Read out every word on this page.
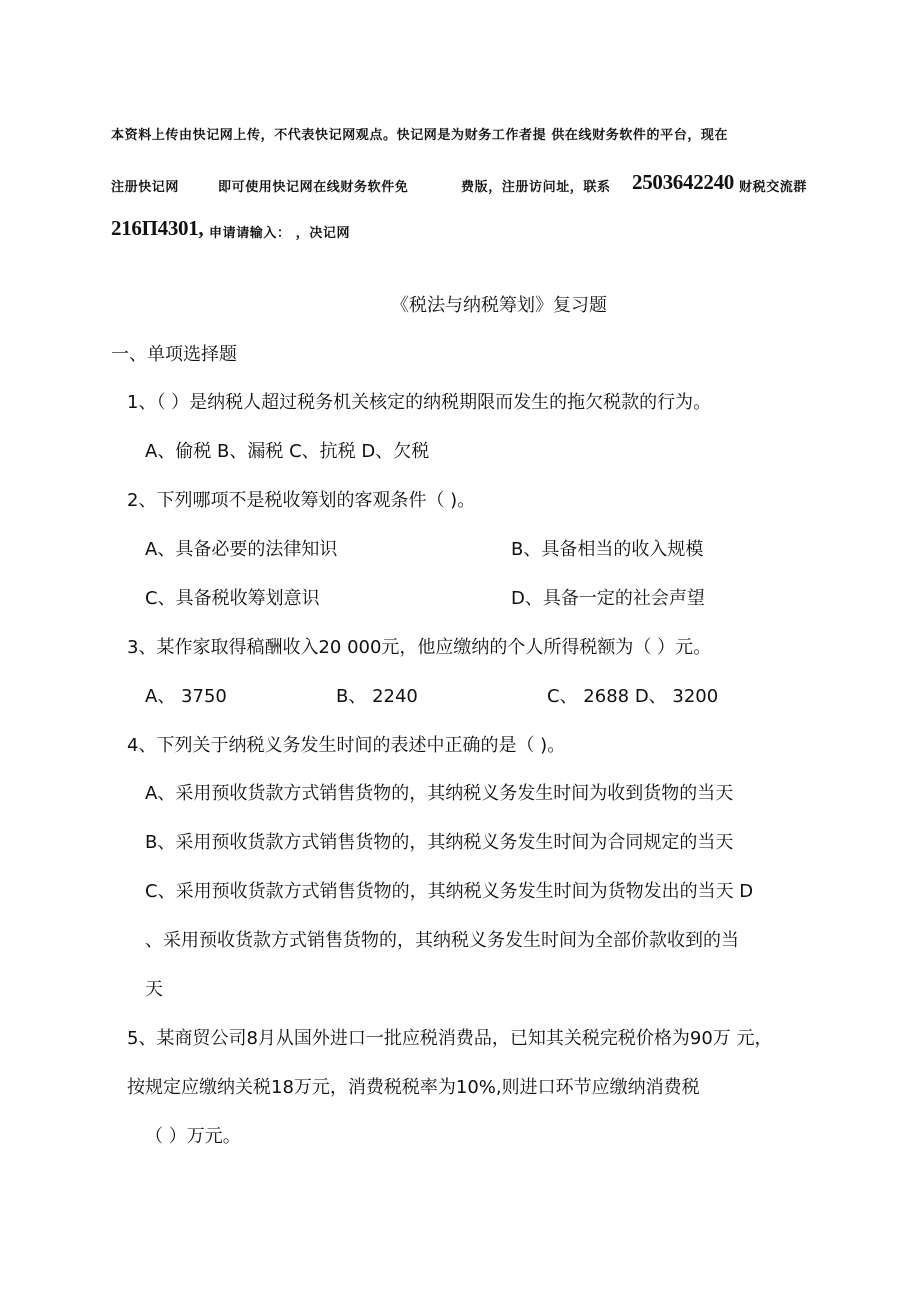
本资料上传由快记网上传，不代表快记网观点。快记网是为财务工作者提 供在线财务软件的平台，现在
注册快记网	即可使用快记网在线财务软件免	费版，注册访问址，联系 2503642240 财税交流群
216П4301, 申请请输入： ，决记网
《税法与纳税筹划》复习题
一、单项选择题
1、（ ）是纳税人超过税务机关核定的纳税期限而发生的拖欠税款的行为。
A、偷税 B、漏税 C、抗税 D、欠税
2、下列哪项不是税收筹划的客观条件（ )。
A、具备必要的法律知识	B、具备相当的收入规模
C、具备税收筹划意识	D、具备一定的社会声望
3、某作家取得稿酬收入20 000元，他应缴纳的个人所得税额为（ ）元。
A、 3750	B、 2240	C、 2688 D、 3200
4、下列关于纳税义务发生时间的表述中正确的是（ )。
A、采用预收货款方式销售货物的，其纳税义务发生时间为收到货物的当天
B、采用预收货款方式销售货物的，其纳税义务发生时间为合同规定的当天
C、采用预收货款方式销售货物的，其纳税义务发生时间为货物发出的当天 D
、采用预收货款方式销售货物的，其纳税义务发生时间为全部价款收到的当
天
5、某商贸公司8月从国外进口一批应税消费品，已知其关税完税价格为90万 元，
按规定应缴纳关税18万元，消费税税率为10%,则进口环节应缴纳消费税
（ ）万元。
